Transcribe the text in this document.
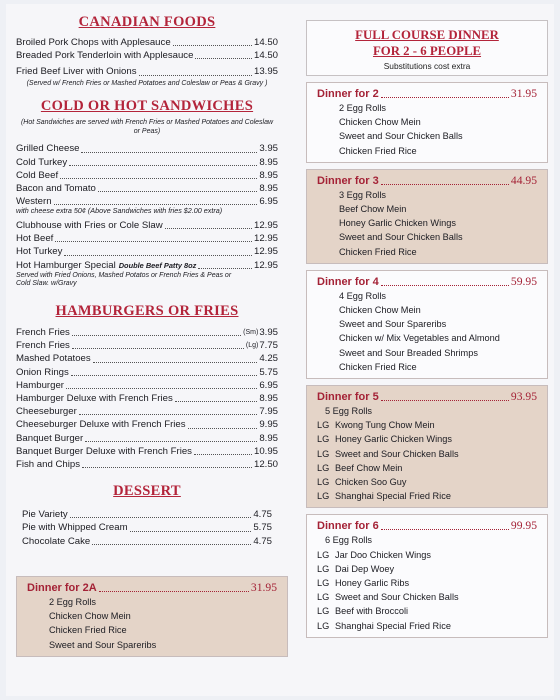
CANADIAN FOODS
Broiled Pork Chops with Applesauce	14.50
Breaded Pork Tenderloin with Applesauce	14.50
Fried Beef Liver with Onions	13.95
(Served w/ French Fries or Mashed Potatoes and Coleslaw or Peas & Gravy )
COLD OR HOT SANDWICHES
(Hot Sandwiches are served with French Fries or Mashed Potatoes and Coleslaw or Peas)
Grilled Cheese	3.95
Cold Turkey	8.95
Cold Beef	8.95
Bacon and Tomato	8.95
Western	6.95
with cheese extra 50¢ (Above Sandwiches with fries $2.00 extra)
Clubhouse with Fries or Cole Slaw	12.95
Hot Beef	12.95
Hot Turkey	12.95
Hot Hamburger Special Double Beef Patty 8oz	12.95
Served with Fried Onions, Mashed Potatos or French Fries & Peas or Cold Slaw. w/Gravy
HAMBURGERS OR FRIES
French Fries	(Sm) 3.95
French Fries	(Lg) 7.75
Mashed Potatoes	4.25
Onion Rings	5.75
Hamburger	6.95
Hamburger Deluxe with French Fries	8.95
Cheeseburger	7.95
Cheeseburger Deluxe with French Fries	9.95
Banquet Burger	8.95
Banquet Burger Deluxe with French Fries	10.95
Fish and Chips	12.50
DESSERT
Pie Variety	4.75
Pie with Whipped Cream	5.75
Chocolate Cake	4.75
Dinner for 2A	31.95
2 Egg Rolls
Chicken Chow Mein
Chicken Fried Rice
Sweet and Sour Spareribs
FULL COURSE DINNER
FOR 2 - 6 PEOPLE
Substitutions cost extra
Dinner for 2	31.95
2 Egg Rolls
Chicken Chow Mein
Sweet and Sour Chicken Balls
Chicken Fried Rice
Dinner for 3	44.95
3 Egg Rolls
Beef Chow Mein
Honey Garlic Chicken Wings
Sweet and Sour Chicken Balls
Chicken Fried Rice
Dinner for 4	59.95
4 Egg Rolls
Chicken Chow Mein
Sweet and Sour Spareribs
Chicken w/ Mix Vegetables and Almond
Sweet and Sour Breaded Shrimps
Chicken Fried Rice
Dinner for 5	93.95
5 Egg Rolls
LG Kwong Tung Chow Mein
LG Honey Garlic Chicken Wings
LG Sweet and Sour Chicken Balls
LG Beef Chow Mein
LG Chicken Soo Guy
LG Shanghai Special Fried Rice
Dinner for 6	99.95
6 Egg Rolls
LG Jar Doo Chicken Wings
LG Dai Dep Woey
LG Honey Garlic Ribs
LG Sweet and Sour Chicken Balls
LG Beef with Broccoli
LG Shanghai Special Fried Rice
